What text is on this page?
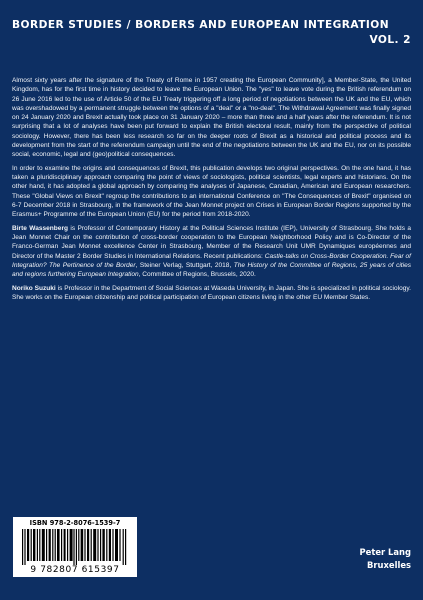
BORDER STUDIES / BORDERS AND EUROPEAN INTEGRATION
VOL. 2

Almost sixty years after the signature of the Treaty of Rome in 1957 creating the European Community], a Member-State, the United Kingdom, has for the first time in history decided to leave the European Union. The "yes" to leave vote during the British referendum on 26 June 2016 led to the use of Article 50 of the EU Treaty triggering off a long period of negotiations between the UK and the EU, which was overshadowed by a permanent struggle between the options of a "deal" or a "no-deal". The Withdrawal Agreement was finally signed on 24 January 2020 and Brexit actually took place on 31 January 2020 – more than three and a half years after the referendum. It is not surprising that a lot of analyses have been put forward to explain the British electoral result, mainly from the perspective of political sociology. However, there has been less research so far on the deeper roots of Brexit as a historical and political process and its development from the start of the referendum campaign until the end of the negotiations between the UK and the EU, nor on its possible social, economic, legal and (geo)political consequences.

In order to examine the origins and consequences of Brexit, this publication develops two original perspectives. On the one hand, it has taken a pluridisciplinary approach comparing the point of views of sociologists, political scientists, legal experts and historians. On the other hand, it has adopted a global approach by comparing the analyses of Japanese, Canadian, American and European researchers. These "Global Views on Brexit" regroup the contributions to an international Conference on "The Consequences of Brexit" organised on 6-7 December 2018 in Strasbourg, in the framework of the Jean Monnet project on Crises in European Border Regions supported by the Erasmus+ Programme of the European Union (EU) for the period from 2018-2020.

Birte Wassenberg is Professor of Contemporary History at the Political Sciences Institute (IEP), University of Strasbourg. She holds a Jean Monnet Chair on the contribution of cross-border cooperation to the European Neighborhood Policy and is Co-Director of the Franco-German Jean Monnet excellence Center in Strasbourg, Member of the Research Unit UMR Dynamiques européennes and Director of the Master 2 Border Studies in International Relations. Recent publications: Castle-talks on Cross-Border Cooperation. Fear of Integration? The Pertinence of the Border, Steiner Verlag, Stuttgart, 2018, The History of the Committee of Regions, 25 years of cities and regions furthering European Integration, Committee of Regions, Brussels, 2020.

Noriko Suzuki is Professor in the Department of Social Sciences at Waseda University, in Japan. She is specialized in political sociology. She works on the European citizenship and political participation of European citizens living in the other EU Member States.

ISBN 978-2-8076-1539-7
9 782807 615397
Peter Lang
Bruxelles
